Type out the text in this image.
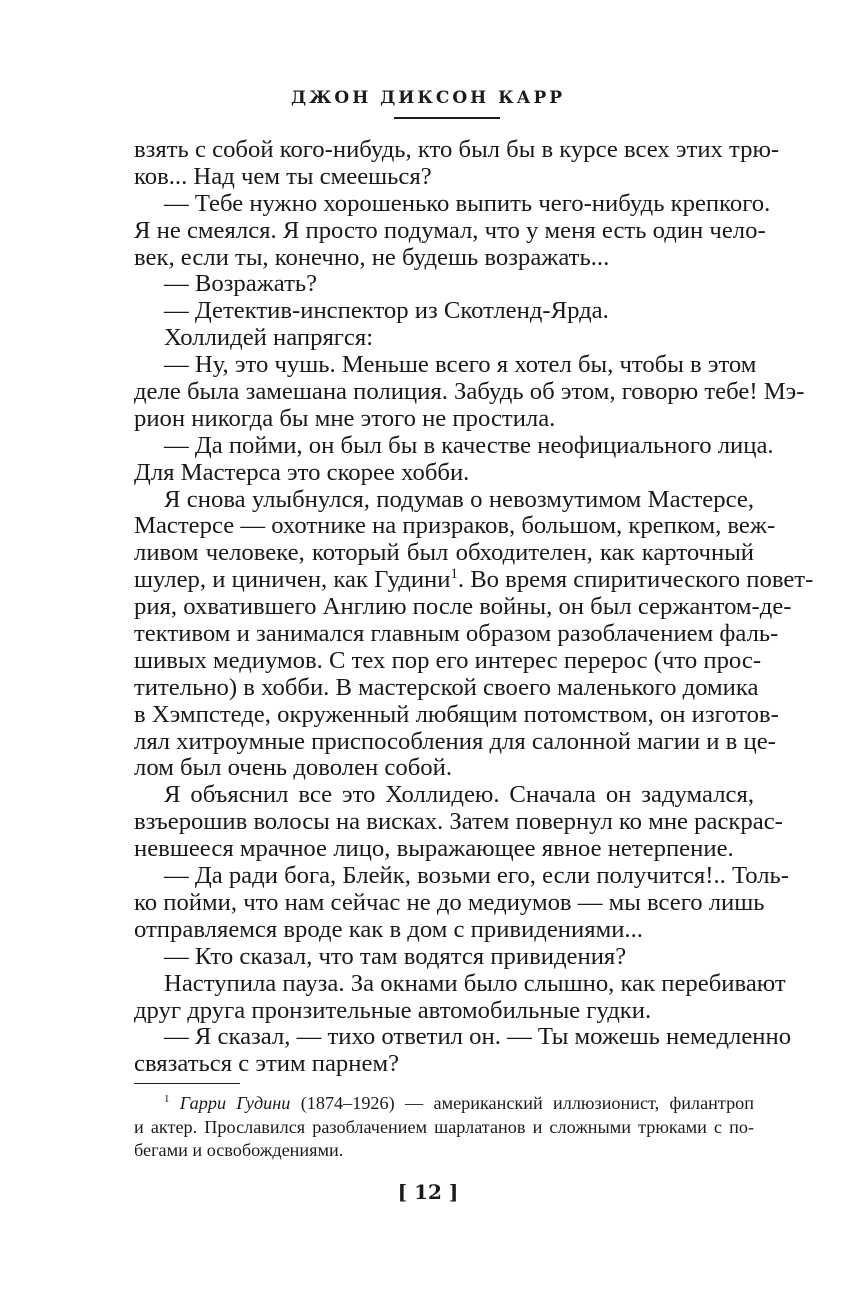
ДЖОН ДИКСОН КАРР
взять с собой кого-нибудь, кто был бы в курсе всех этих трю-
ков... Над чем ты смеешься?
— Тебе нужно хорошенько выпить чего-нибудь крепкого.
Я не смеялся. Я просто подумал, что у меня есть один чело-
век, если ты, конечно, не будешь возражать...
— Возражать?
— Детектив-инспектор из Скотленд-Ярда.
Холлидей напрягся:
— Ну, это чушь. Меньше всего я хотел бы, чтобы в этом
деле была замешана полиция. Забудь об этом, говорю тебе! Мэ-
рион никогда бы мне этого не простила.
— Да пойми, он был бы в качестве неофициального лица.
Для Мастерса это скорее хобби.
Я снова улыбнулся, подумав о невозмутимом Мастерсе,
Мастерсе — охотнике на призраков, большом, крепком, веж-
ливом человеке, который был обходителен, как карточный
шулер, и циничен, как Гудини$^1$. Во время спиритического повет-
рия, охватившего Англию после войны, он был сержантом-де-
тективом и занимался главным образом разоблачением фаль-
шивых медиумов. С тех пор его интерес перерос (что прос-
тительно) в хобби. В мастерской своего маленького домика
в Хэмпстеде, окруженный любящим потомством, он изготов-
лял хитроумные приспособления для салонной магии и в це-
лом был очень доволен собой.
Я объяснил все это Холлидею. Сначала он задумался,
взъерошив волосы на висках. Затем повернул ко мне раскрас-
невшееся мрачное лицо, выражающее явное нетерпение.
— Да ради бога, Блейк, возьми его, если получится!.. Толь-
ко пойми, что нам сейчас не до медиумов — мы всего лишь
отправляемся вроде как в дом с привидениями...
— Кто сказал, что там водятся привидения?
Наступила пауза. За окнами было слышно, как перебивают
друг друга пронзительные автомобильные гудки.
— Я сказал, — тихо ответил он. — Ты можешь немедленно
связаться с этим парнем?
$^1$ Гарри Гудини (1874–1926) — американский иллюзионист, филантроп
и актер. Прославился разоблачением шарлатанов и сложными трюками с по-
бегами и освобождениями.
[ 12 ]
